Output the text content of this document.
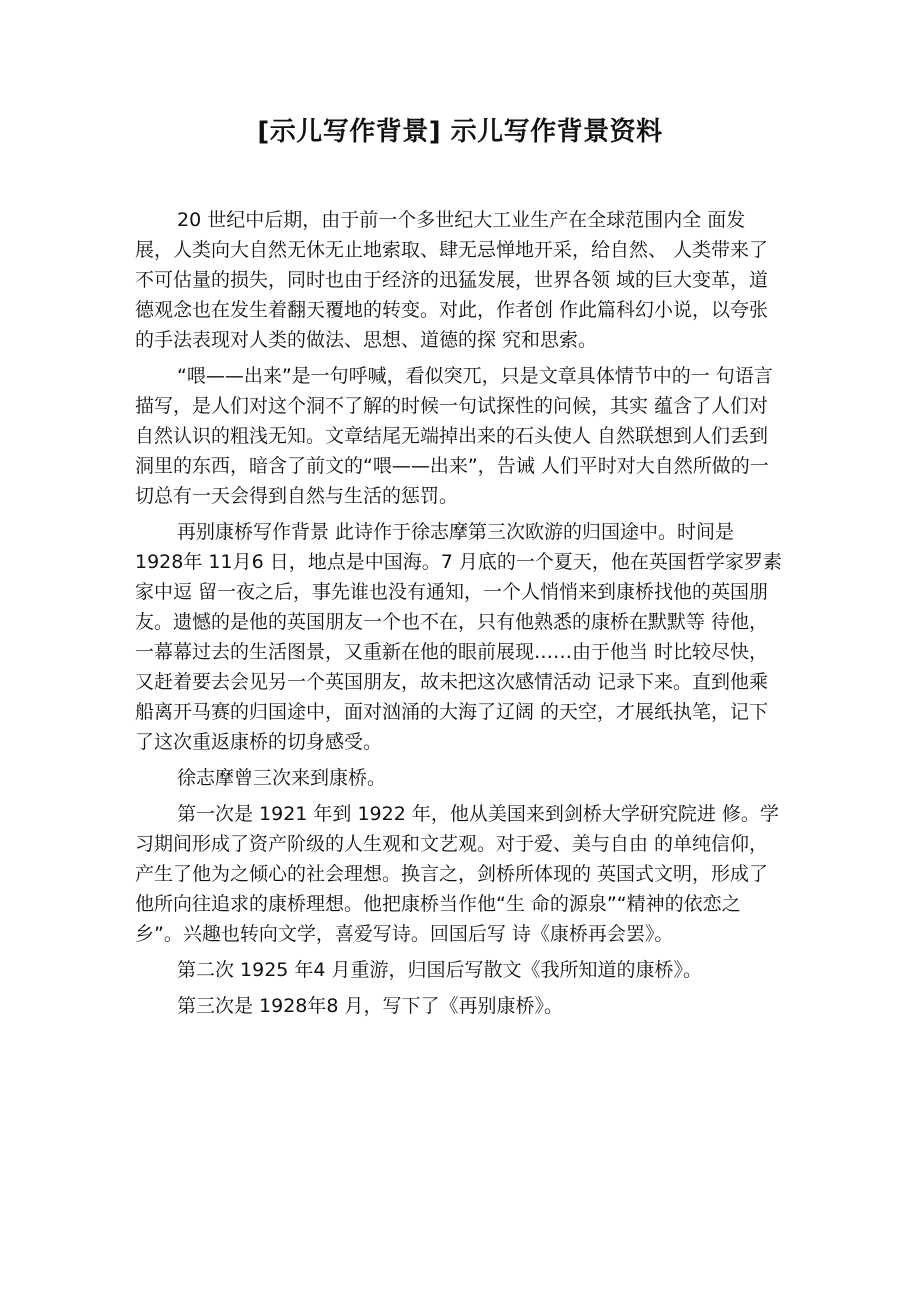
[示儿写作背景] 示儿写作背景资料
20 世纪中后期，由于前一个多世纪大工业生产在全球范围内全 面发
展，人类向大自然无休无止地索取、肆无忌惮地开采，给自然、 人类带来了
不可估量的损失，同时也由于经济的迅猛发展，世界各领 域的巨大变革，道
德观念也在发生着翻天覆地的转变。对此，作者创 作此篇科幻小说，以夸张
的手法表现对人类的做法、思想、道德的探 究和思索。
“喂——出来”是一句呼喊，看似突兀，只是文章具体情节中的一 句语言
描写，是人们对这个洞不了解的时候一句试探性的问候，其实 蕴含了人们对
自然认识的粗浅无知。文章结尾无端掉出来的石头使人 自然联想到人们丢到
洞里的东西，暗含了前文的“喂——出来”，告诫 人们平时对大自然所做的一
切总有一天会得到自然与生活的惩罚。
再别康桥写作背景 此诗作于徐志摩第三次欧游的归国途中。时间是
1928年 11月6 日，地点是中国海。7 月底的一个夏天，他在英国哲学家罗素
家中逗 留一夜之后，事先谁也没有通知，一个人悄悄来到康桥找他的英国朋
友。遗憾的是他的英国朋友一个也不在，只有他熟悉的康桥在默默等 待他，
一幕幕过去的生活图景，又重新在他的眼前展现……由于他当 时比较尽快，
又赶着要去会见另一个英国朋友，故未把这次感情活动 记录下来。直到他乘
船离开马赛的归国途中，面对汹涌的大海了辽阔 的天空，才展纸执笔，记下
了这次重返康桥的切身感受。
徐志摩曾三次来到康桥。
第一次是 1921 年到 1922 年，他从美国来到剑桥大学研究院进 修。学
习期间形成了资产阶级的人生观和文艺观。对于爱、美与自由 的单纯信仰，
产生了他为之倾心的社会理想。换言之，剑桥所体现的 英国式文明，形成了
他所向往追求的康桥理想。他把康桥当作他“生 命的源泉”“精神的依恋之
乡”。兴趣也转向文学，喜爱写诗。回国后写 诗《康桥再会罢》。
第二次 1925 年4 月重游，归国后写散文《我所知道的康桥》。
第三次是 1928年8 月，写下了《再别康桥》。
